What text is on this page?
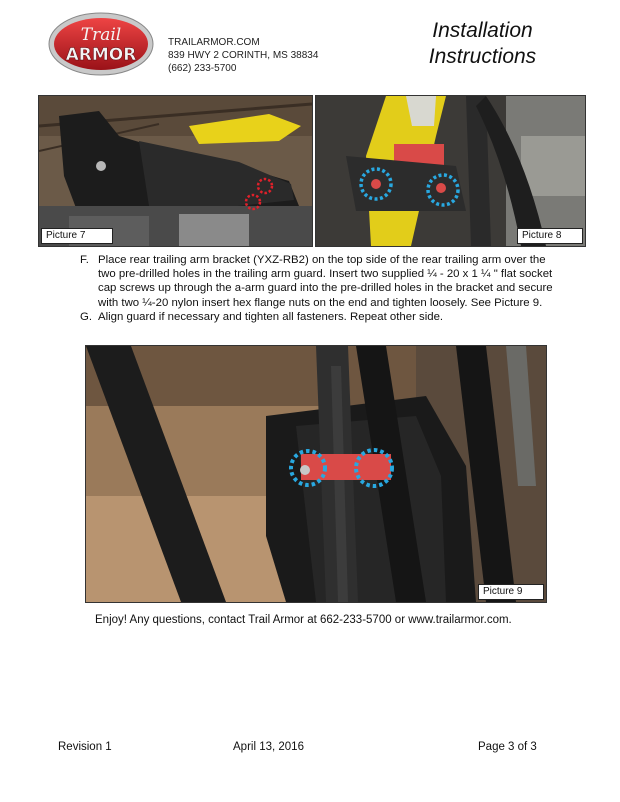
Trail
ARMOR
TRAILARMOR.COM
839 HWY 2 CORINTH, MS 38834
(662) 233-5700
Installation
Instructions
Picture 7	Picture 8
F. Place rear trailing arm bracket (YXZ-RB2) on the top side of the rear trailing arm over the two pre-drilled holes in the trailing arm guard. Insert two supplied ¼ - 20 x 1 ¼ " flat socket cap screws up through the a-arm guard into the pre-drilled holes in the bracket and secure with two ¼-20 nylon insert hex flange nuts on the end and tighten loosely. See Picture 9.
G. Align guard if necessary and tighten all fasteners. Repeat other side.
Picture 9
Enjoy! Any questions, contact Trail Armor at 662-233-5700 or www.trailarmor.com.
Revision 1	April 13, 2016	Page 3 of 3
